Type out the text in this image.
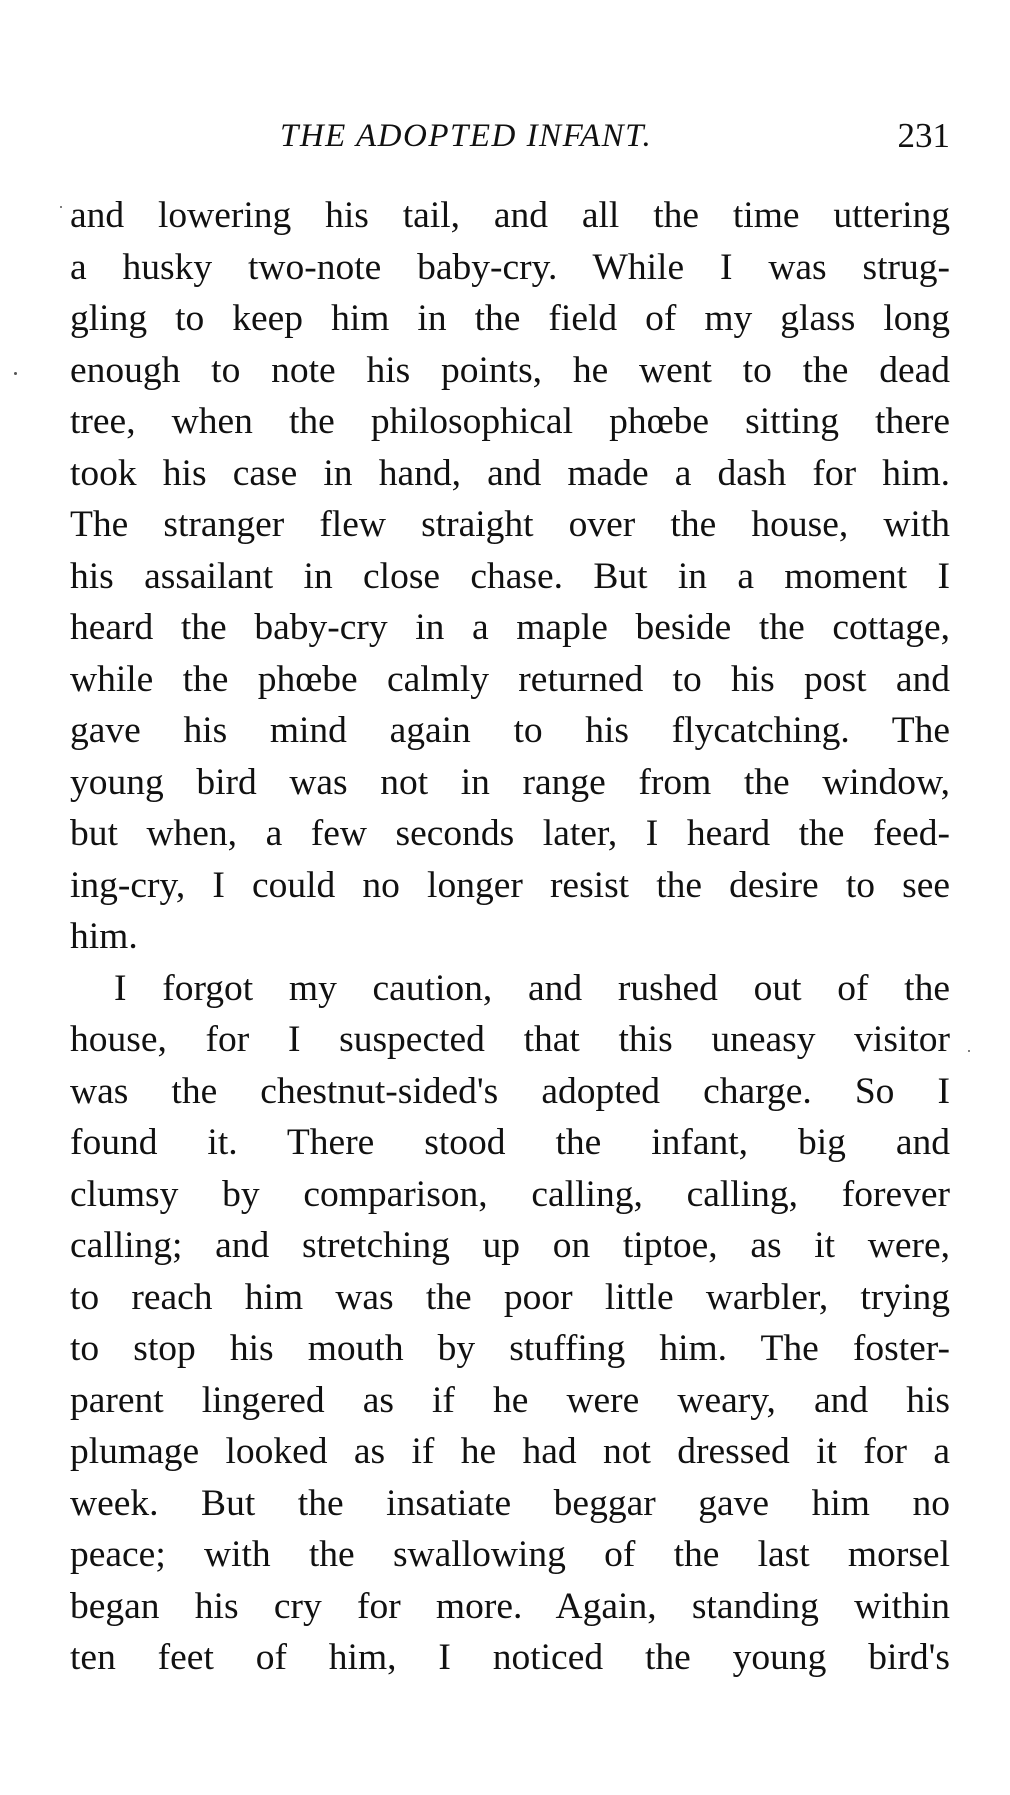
THE ADOPTED INFANT.	231
and lowering his tail, and all the time uttering
a husky two-note baby-cry. While I was strug-
gling to keep him in the field of my glass long
enough to note his points, he went to the dead
tree, when the philosophical phœbe sitting there
took his case in hand, and made a dash for him.
The stranger flew straight over the house, with
his assailant in close chase. But in a moment I
heard the baby-cry in a maple beside the cottage,
while the phœbe calmly returned to his post and
gave his mind again to his flycatching. The
young bird was not in range from the window,
but when, a few seconds later, I heard the feed-
ing-cry, I could no longer resist the desire to see
him.
I forgot my caution, and rushed out of the
house, for I suspected that this uneasy visitor
was the chestnut-sided's adopted charge. So I
found it. There stood the infant, big and
clumsy by comparison, calling, calling, forever
calling; and stretching up on tiptoe, as it were,
to reach him was the poor little warbler, trying
to stop his mouth by stuffing him. The foster-
parent lingered as if he were weary, and his
plumage looked as if he had not dressed it for a
week. But the insatiate beggar gave him no
peace; with the swallowing of the last morsel
began his cry for more. Again, standing within
ten feet of him, I noticed the young bird's
